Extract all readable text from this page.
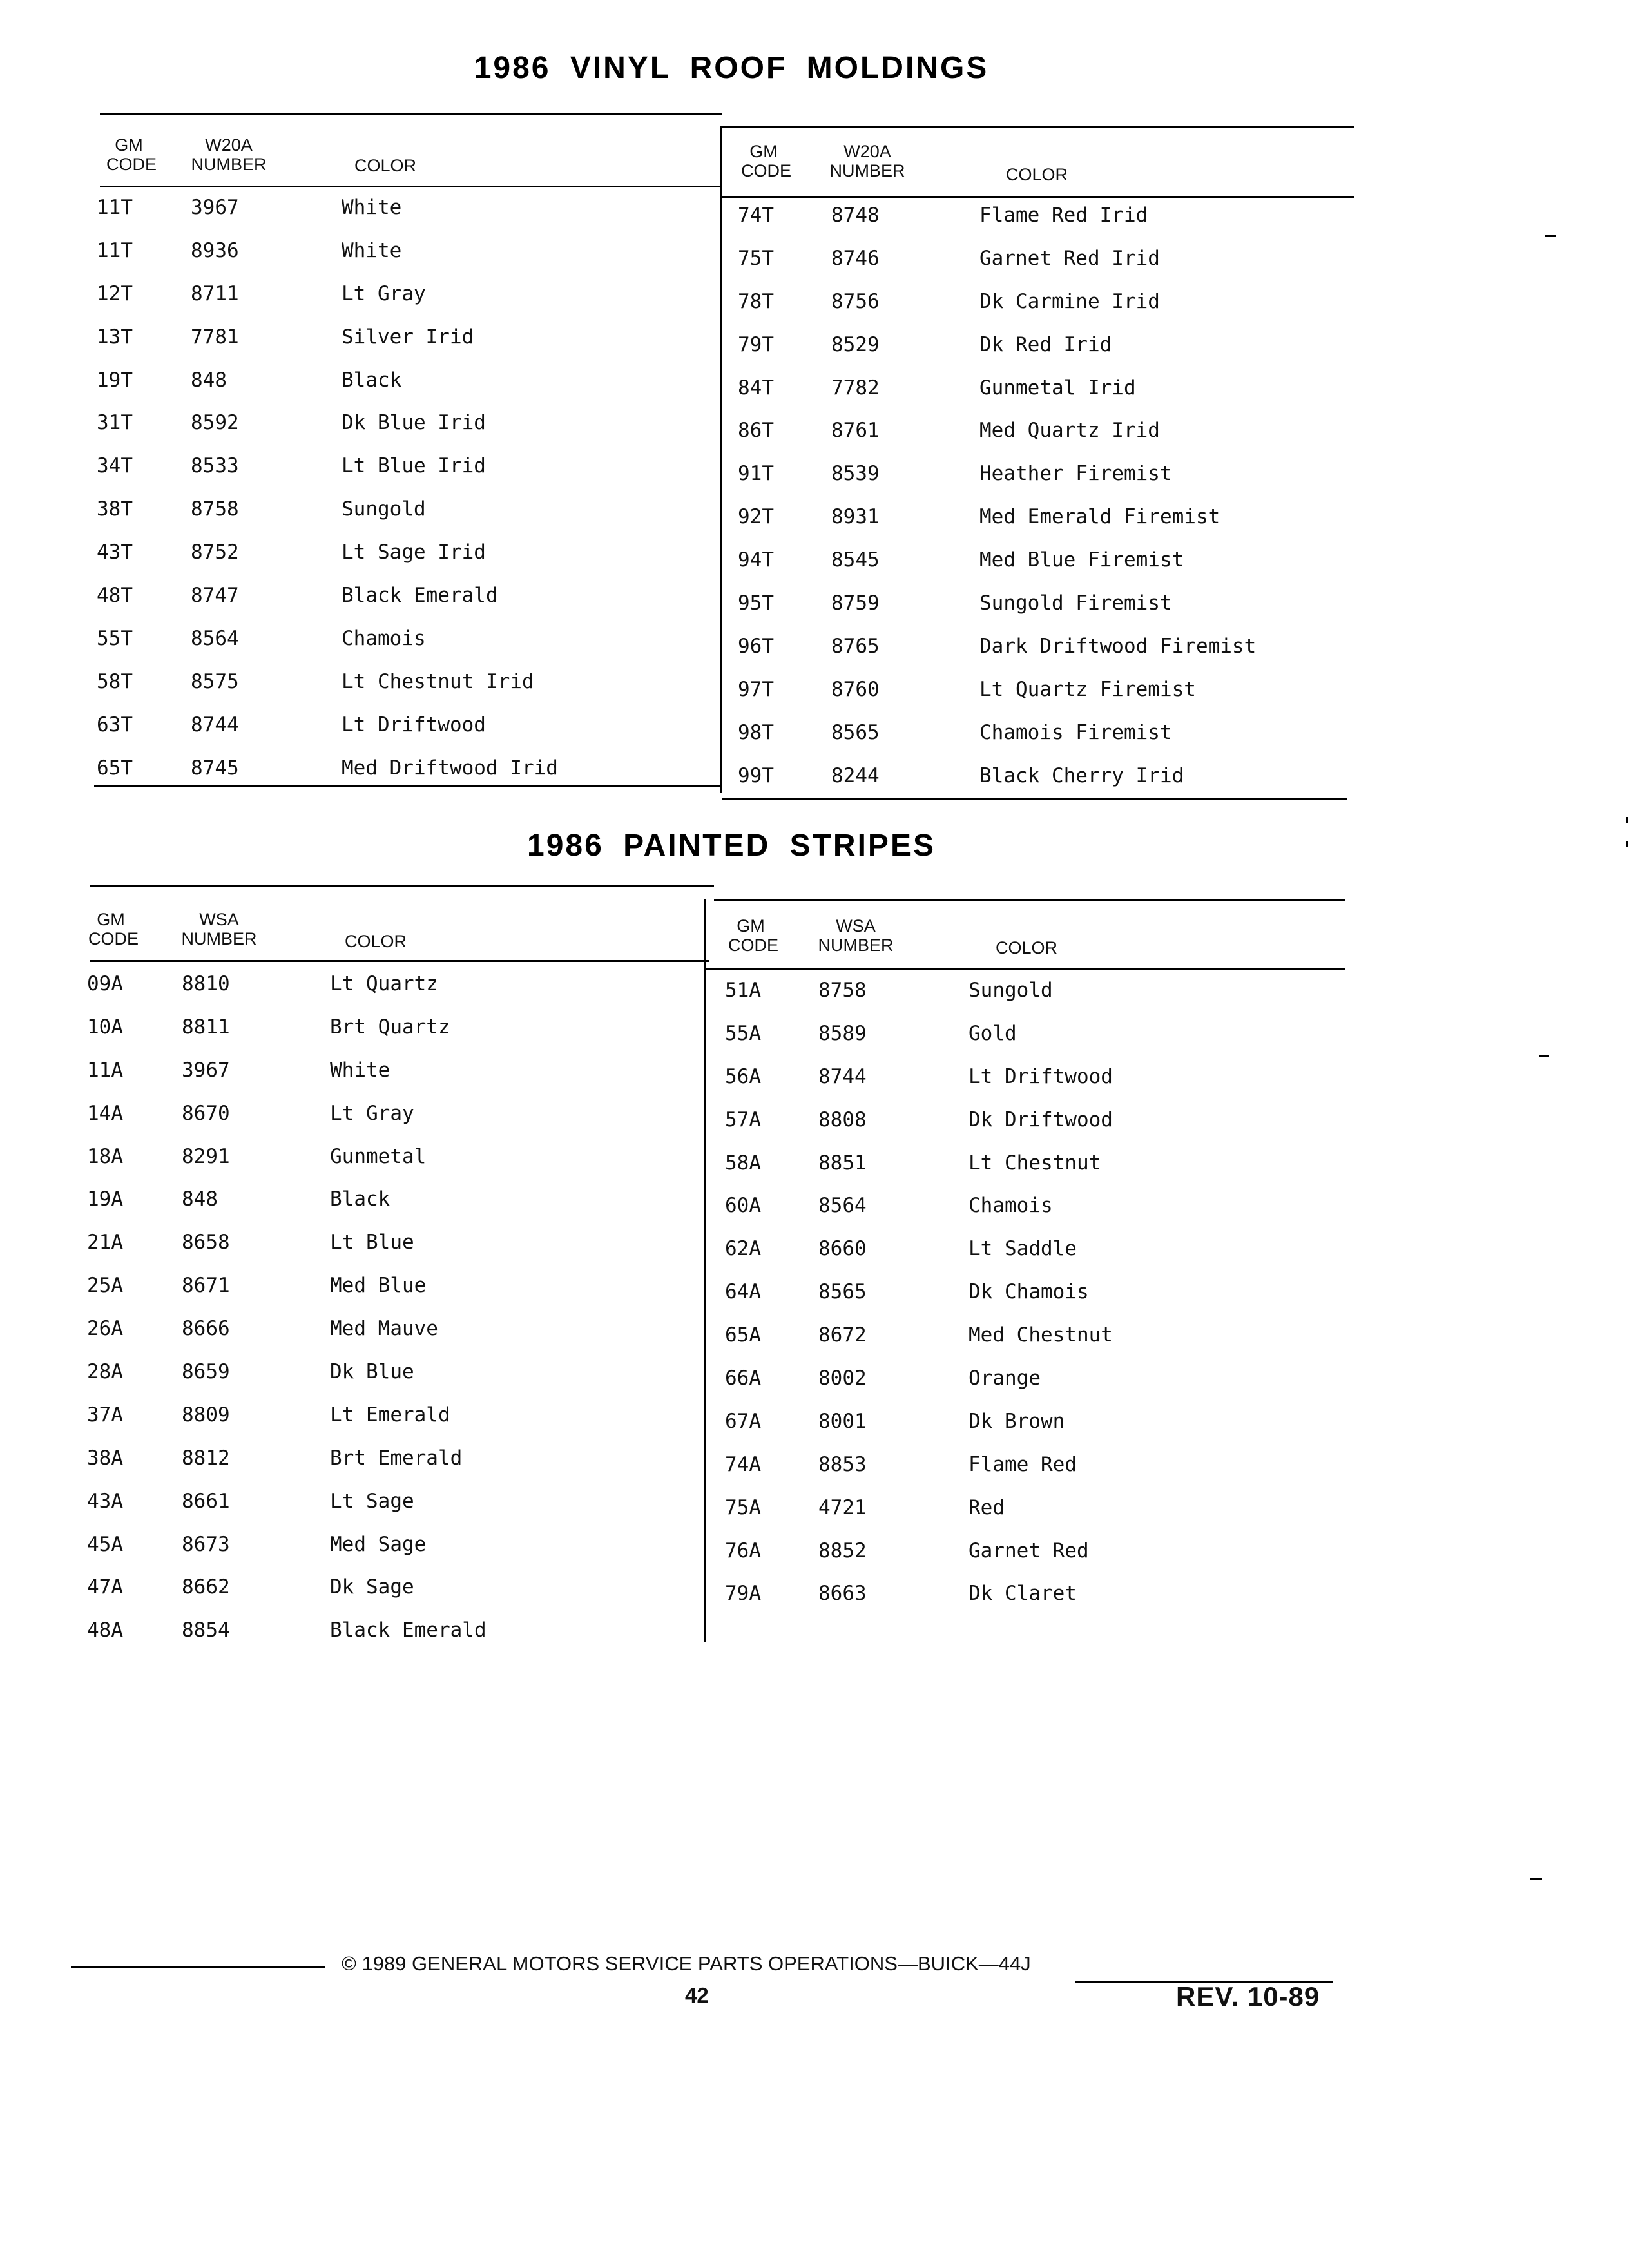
1986 VINYL ROOF MOLDINGS
GM
CODE
W20A
NUMBER	COLOR
GM
CODE
W20A
NUMBER	COLOR
11T	3967	White
11T	8936	White
12T	8711	Lt Gray
13T	7781	Silver Irid
19T	848	Black
31T	8592	Dk Blue Irid
34T	8533	Lt Blue Irid
38T	8758	Sungold
43T	8752	Lt Sage Irid
48T	8747	Black Emerald
55T	8564	Chamois
58T	8575	Lt Chestnut Irid
63T	8744	Lt Driftwood
65T	8745	Med Driftwood Irid
74T	8748	Flame Red Irid
75T	8746	Garnet Red Irid
78T	8756	Dk Carmine Irid
79T	8529	Dk Red Irid
84T	7782	Gunmetal Irid
86T	8761	Med Quartz Irid
91T	8539	Heather Firemist
92T	8931	Med Emerald Firemist
94T	8545	Med Blue Firemist
95T	8759	Sungold Firemist
96T	8765	Dark Driftwood Firemist
97T	8760	Lt Quartz Firemist
98T	8565	Chamois Firemist
99T	8244	Black Cherry Irid
1986 PAINTED STRIPES
GM
CODE
WSA
NUMBER	COLOR
GM
CODE
WSA
NUMBER	COLOR
09A	8810	Lt Quartz
10A	8811	Brt Quartz
11A	3967	White
14A	8670	Lt Gray
18A	8291	Gunmetal
19A	848	Black
21A	8658	Lt Blue
25A	8671	Med Blue
26A	8666	Med Mauve
28A	8659	Dk Blue
37A	8809	Lt Emerald
38A	8812	Brt Emerald
43A	8661	Lt Sage
45A	8673	Med Sage
47A	8662	Dk Sage
48A	8854	Black Emerald
51A	8758	Sungold
55A	8589	Gold
56A	8744	Lt Driftwood
57A	8808	Dk Driftwood
58A	8851	Lt Chestnut
60A	8564	Chamois
62A	8660	Lt Saddle
64A	8565	Dk Chamois
65A	8672	Med Chestnut
66A	8002	Orange
67A	8001	Dk Brown
74A	8853	Flame Red
75A	4721	Red
76A	8852	Garnet Red
79A	8663	Dk Claret
© 1989 GENERAL MOTORS SERVICE PARTS OPERATIONS—BUICK—44J
42	REV. 10-89
